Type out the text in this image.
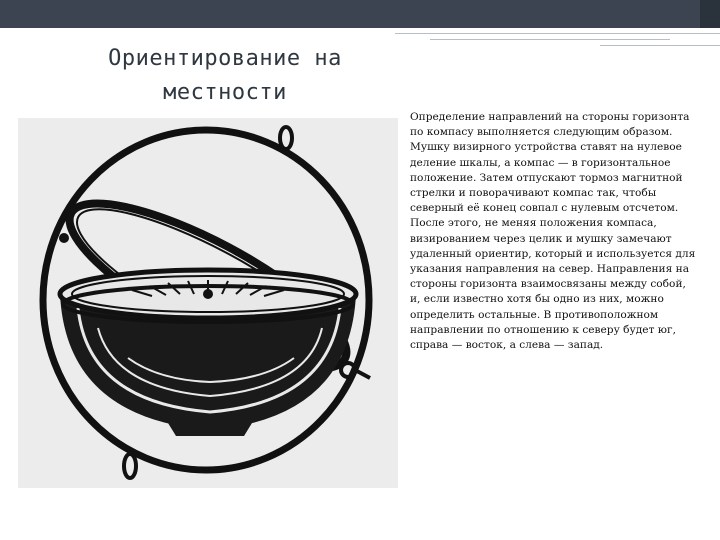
Ориентирование на местности

Определение направлений на стороны горизонта по компасу выполняется следующим образом. Мушку визирного устройства ставят на нулевое деление шкалы, а компас — в горизонтальное положение. Затем отпускают тормоз магнитной стрелки и поворачивают компас так, чтобы северный её конец совпал с нулевым отсчетом. После этого, не меняя положения компаса, визированием через целик и мушку замечают удаленный ориентир, который и используется для указания направления на север. Направления на стороны горизонта взаимосвязаны между собой, и, если известно хотя бы одно из них, можно определить остальные. В противоположном направлении по отношению к северу будет юг, справа — восток, а слева — запад.
